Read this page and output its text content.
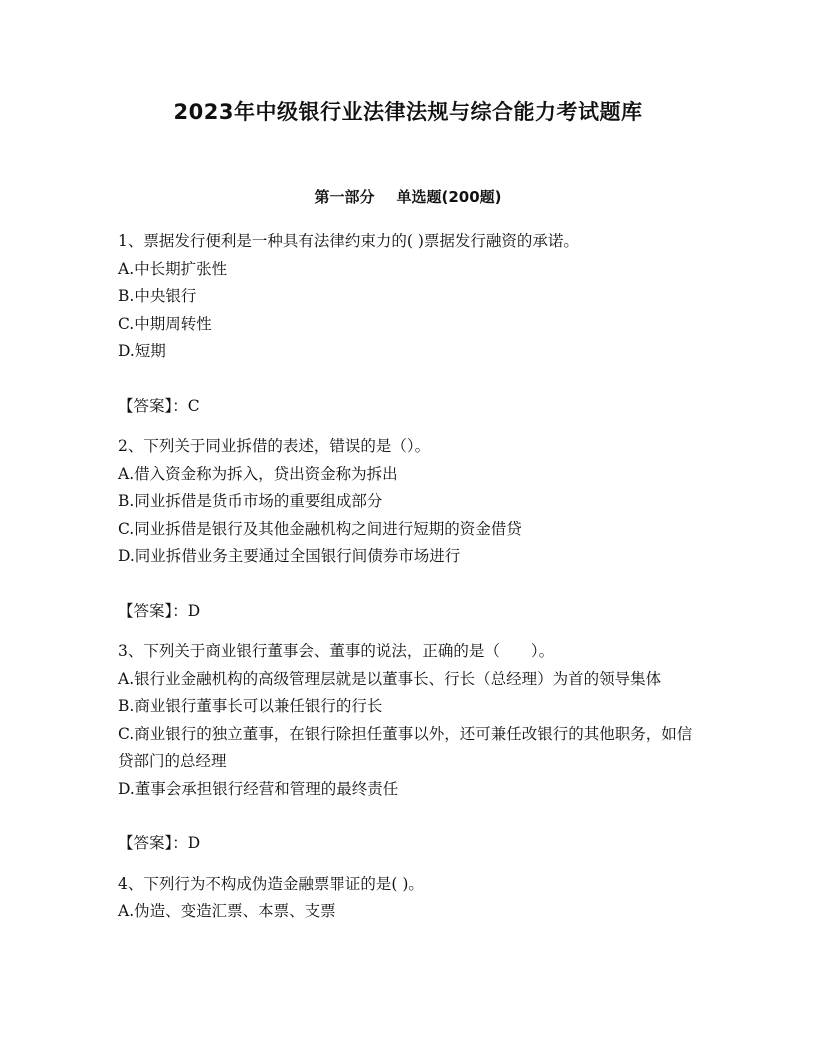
2023年中级银行业法律法规与综合能力考试题库
第一部分 单选题(200题)
1、票据发行便利是一种具有法律约束力的( )票据发行融资的承诺。
A.中长期扩张性
B.中央银行
C.中期周转性
D.短期
【答案】：C
2、下列关于同业拆借的表述，错误的是（）。
A.借入资金称为拆入，贷出资金称为拆出
B.同业拆借是货币市场的重要组成部分
C.同业拆借是银行及其他金融机构之间进行短期的资金借贷
D.同业拆借业务主要通过全国银行间债券市场进行
【答案】：D
3、下列关于商业银行董事会、董事的说法，正确的是（　　）。
A.银行业金融机构的高级管理层就是以董事长、行长（总经理）为首的领导集体
B.商业银行董事长可以兼任银行的行长
C.商业银行的独立董事，在银行除担任董事以外，还可兼任改银行的其他职务，如信贷部门的总经理
D.董事会承担银行经营和管理的最终责任
【答案】：D
4、下列行为不构成伪造金融票罪证的是( )。
A.伪造、变造汇票、本票、支票
